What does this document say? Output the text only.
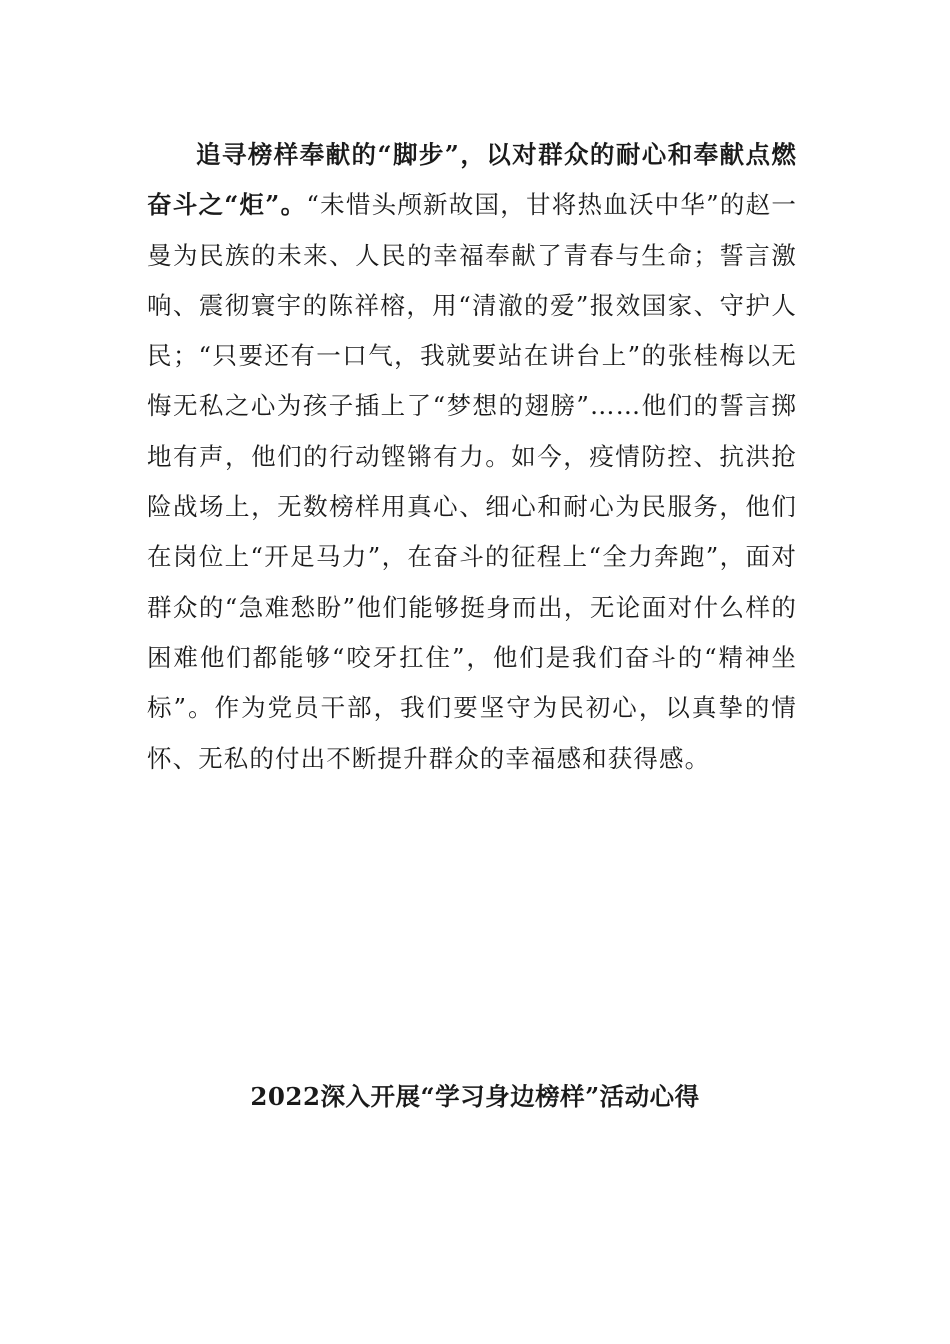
追寻榜样奉献的“脚步”，以对群众的耐心和奉献点燃奋斗之“炬”。“未惜头颅新故国，甘将热血沃中华”的赵一曼为民族的未来、人民的幸福奉献了青春与生命；誓言激响、震彻寰宇的陈祥榕，用“清澈的爱”报效国家、守护人民；“只要还有一口气，我就要站在讲台上”的张桂梅以无悔无私之心为孩子插上了“梦想的翅膀”……他们的誓言掷地有声，他们的行动铿锵有力。如今，疫情防控、抗洪抢险战场上，无数榜样用真心、细心和耐心为民服务，他们在岗位上“开足马力”，在奋斗的征程上“全力奔跑”，面对群众的“急难愁盼”他们能够挺身而出，无论面对什么样的困难他们都能够“咬牙扛住”，他们是我们奋斗的“精神坐标”。作为党员干部，我们要坚守为民初心，以真挚的情怀、无私的付出不断提升群众的幸福感和获得感。

2022深入开展“学习身边榜样”活动心得
